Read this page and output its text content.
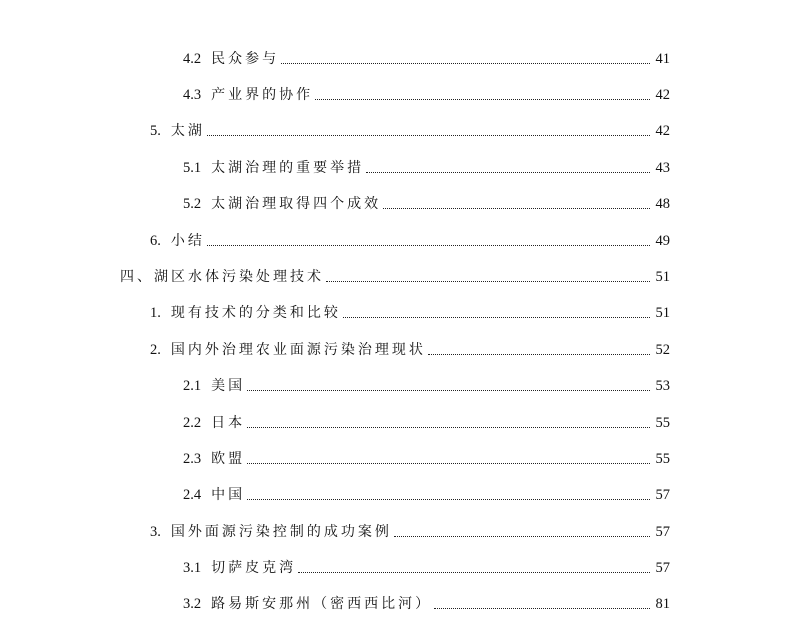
4.2 民众参与	41
4.3 产业界的协作	42
5. 太湖	42
5.1 太湖治理的重要举措	43
5.2 太湖治理取得四个成效	48
6. 小结	49
四、湖区水体污染处理技术	51
1. 现有技术的分类和比较	51
2. 国内外治理农业面源污染治理现状	52
2.1 美国	53
2.2 日本	55
2.3 欧盟	55
2.4 中国	57
3. 国外面源污染控制的成功案例	57
3.1 切萨皮克湾	57
3.2 路易斯安那州（密西西比河）	81
